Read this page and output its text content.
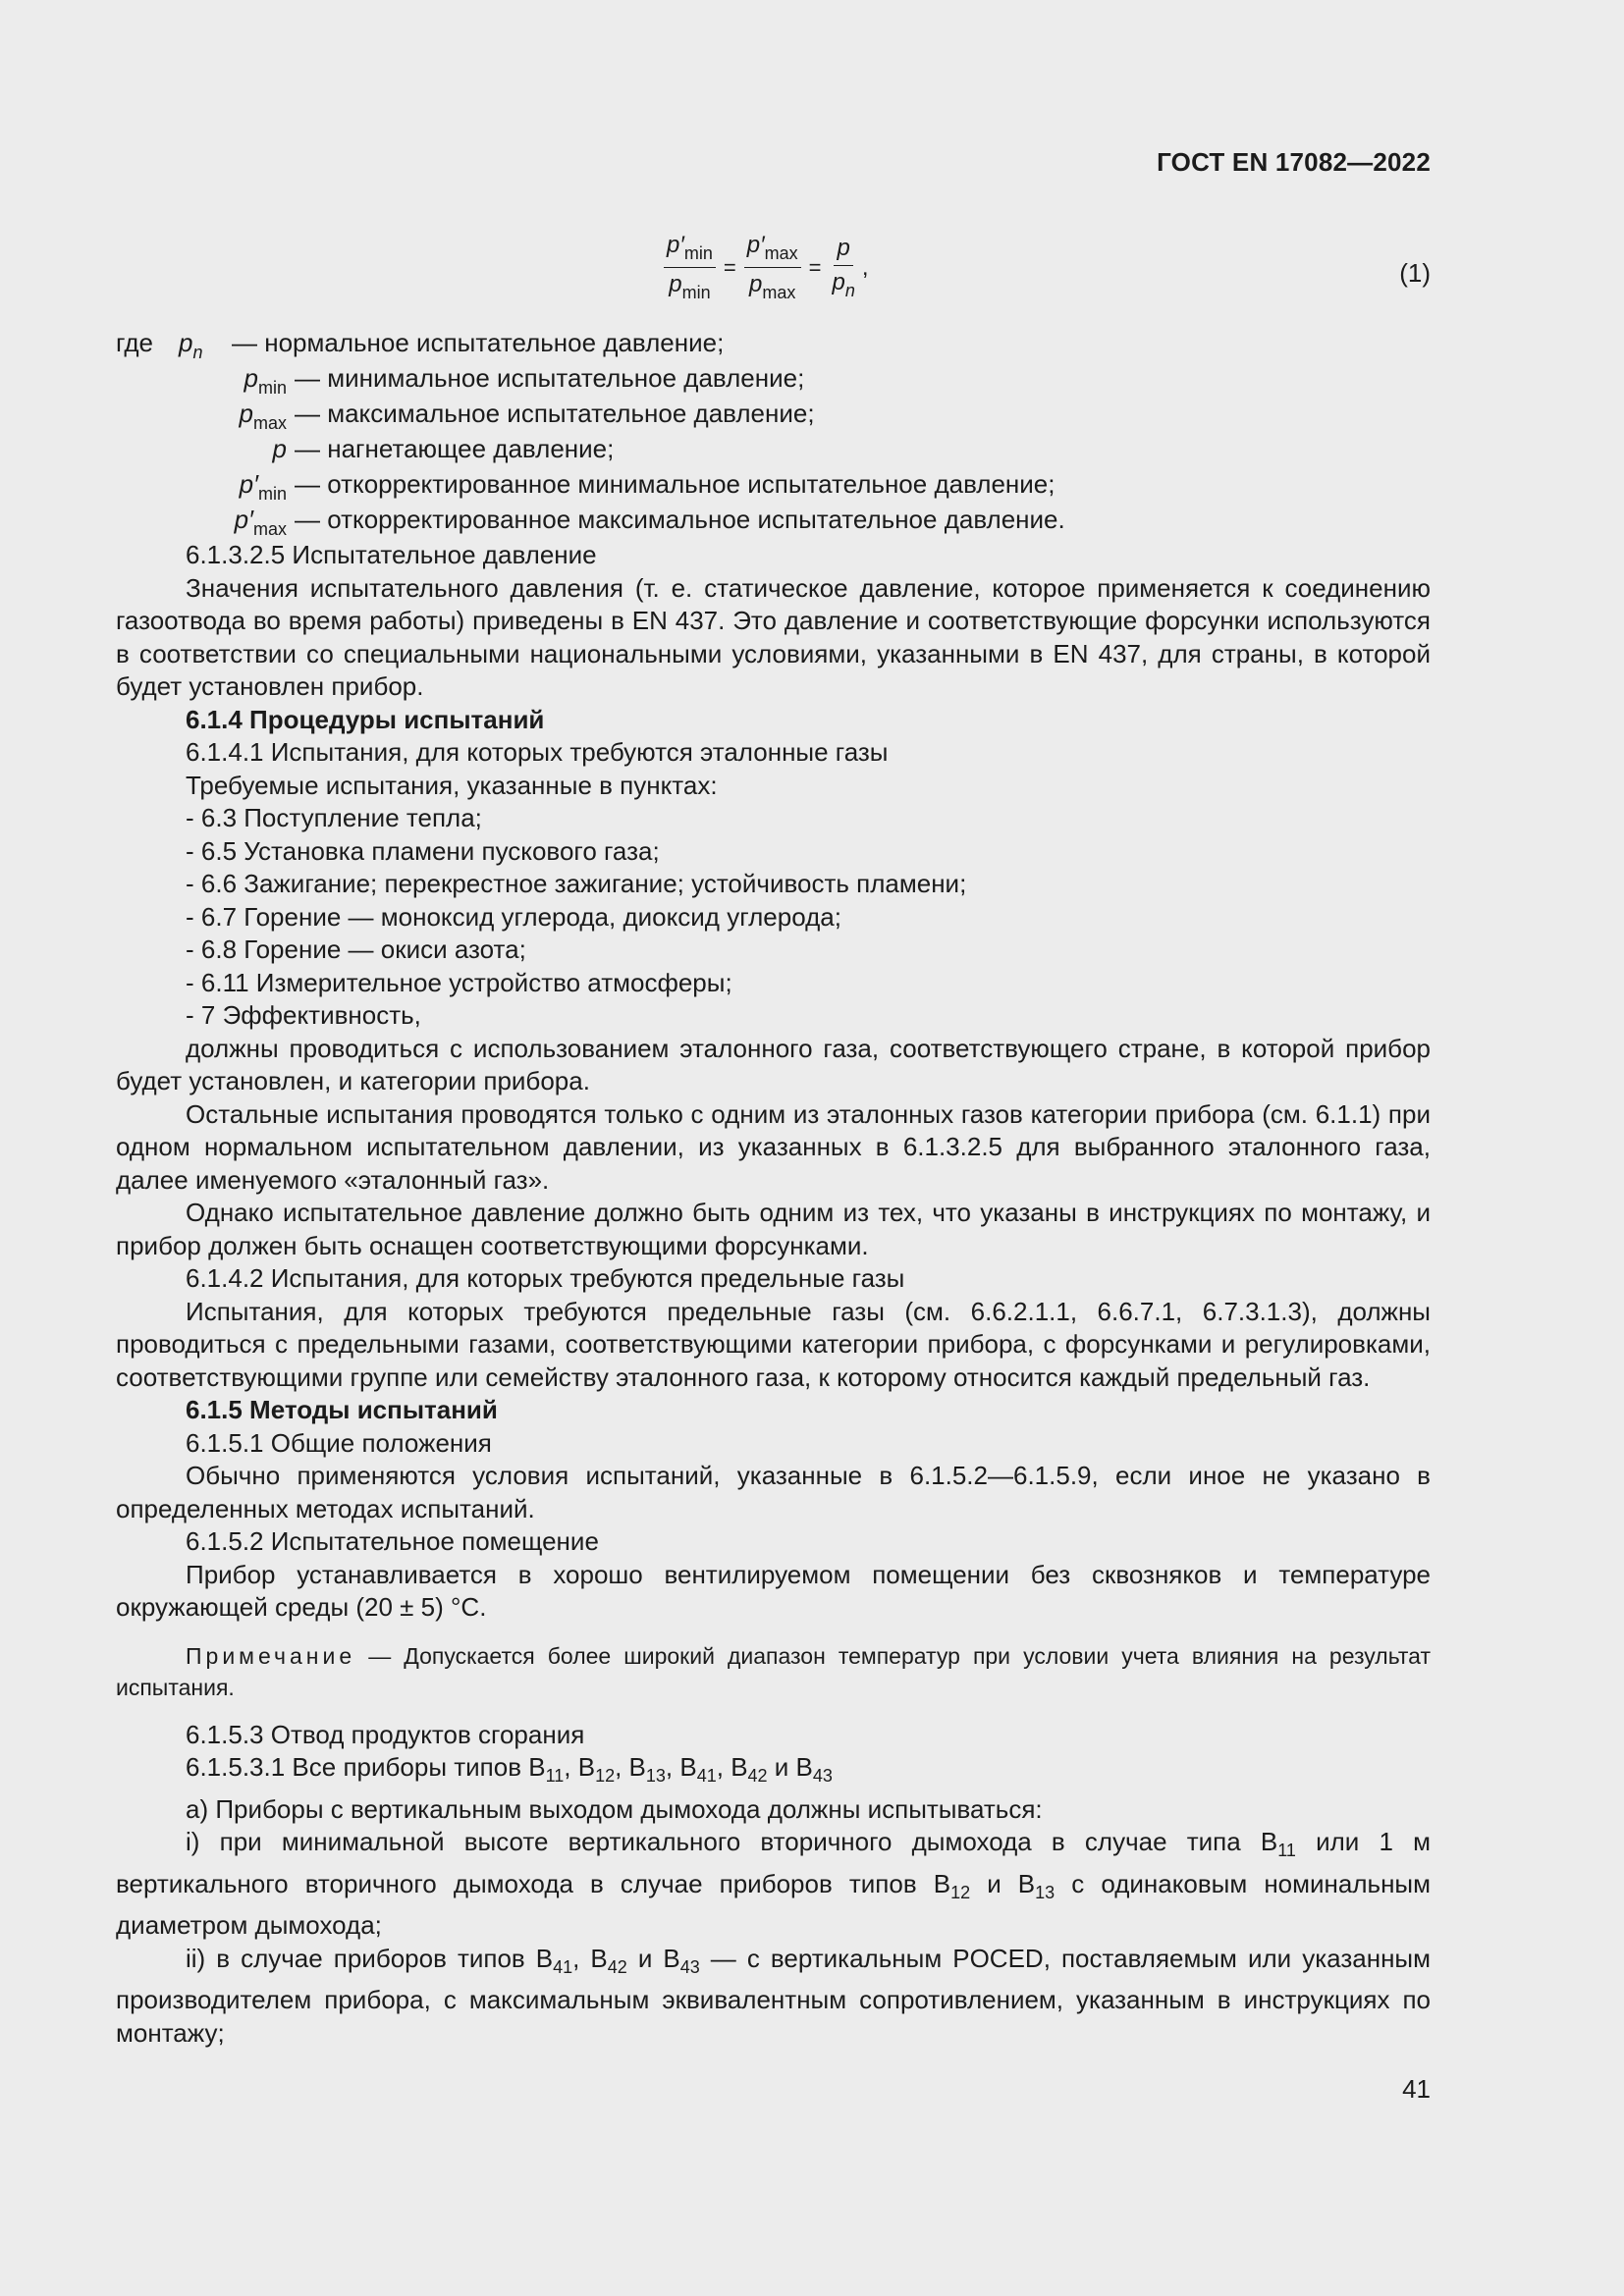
ГОСТ EN 17082—2022
$\frac{p'_{min}}{p_{min}} = \frac{p'_{max}}{p_{max}} = \frac{p}{p_n}$ ,	(1)
где	$p_n$	— нормальное испытательное давление;
$p_{min}$ — минимальное испытательное давление;
$p_{max}$ — максимальное испытательное давление;
p — нагнетающее давление;
$p'_{min}$ — откорректированное минимальное испытательное давление;
$p'_{max}$ — откорректированное максимальное испытательное давление.

6.1.3.2.5 Испытательное давление

Значения испытательного давления (т. е. статическое давление, которое применяется к соединению газоотвода во время работы) приведены в EN 437. Это давление и соответствующие форсунки используются в соответствии со специальными национальными условиями, указанными в EN 437, для страны, в которой будет установлен прибор.

6.1.4 Процедуры испытаний

6.1.4.1 Испытания, для которых требуются эталонные газы

Требуемые испытания, указанные в пунктах:

- 6.3 Поступление тепла;

- 6.5 Установка пламени пускового газа;

- 6.6 Зажигание; перекрестное зажигание; устойчивость пламени;

- 6.7 Горение — моноксид углерода, диоксид углерода;

- 6.8 Горение — окиси азота;

- 6.11 Измерительное устройство атмосферы;

- 7 Эффективность,

должны проводиться с использованием эталонного газа, соответствующего стране, в которой прибор будет установлен, и категории прибора.

Остальные испытания проводятся только с одним из эталонных газов категории прибора (см. 6.1.1) при одном нормальном испытательном давлении, из указанных в 6.1.3.2.5 для выбранного эталонного газа, далее именуемого «эталонный газ».

Однако испытательное давление должно быть одним из тех, что указаны в инструкциях по монтажу, и прибор должен быть оснащен соответствующими форсунками.

6.1.4.2 Испытания, для которых требуются предельные газы

Испытания, для которых требуются предельные газы (см. 6.6.2.1.1, 6.6.7.1, 6.7.3.1.3), должны проводиться с предельными газами, соответствующими категории прибора, с форсунками и регулировками, соответствующими группе или семейству эталонного газа, к которому относится каждый предельный газ.

6.1.5 Методы испытаний

6.1.5.1 Общие положения

Обычно применяются условия испытаний, указанные в 6.1.5.2—6.1.5.9, если иное не указано в определенных методах испытаний.

6.1.5.2 Испытательное помещение

Прибор устанавливается в хорошо вентилируемом помещении без сквозняков и температуре окружающей среды (20 ± 5) °C.

Примечание — Допускается более широкий диапазон температур при условии учета влияния на результат испытания.

6.1.5.3 Отвод продуктов сгорания

6.1.5.3.1 Все приборы типов $B_{11}$, $B_{12}$, $B_{13}$, $B_{41}$, $B_{42}$ и $B_{43}$

а) Приборы с вертикальным выходом дымохода должны испытываться:

i) при минимальной высоте вертикального вторичного дымохода в случае типа $B_{11}$ или 1 м вертикального вторичного дымохода в случае приборов типов $B_{12}$ и $B_{13}$ с одинаковым номинальным диаметром дымохода;

ii) в случае приборов типов $B_{41}$, $B_{42}$ и $B_{43}$ — с вертикальным POCED, поставляемым или указанным производителем прибора, с максимальным эквивалентным сопротивлением, указанным в инструкциях по монтажу;

41
